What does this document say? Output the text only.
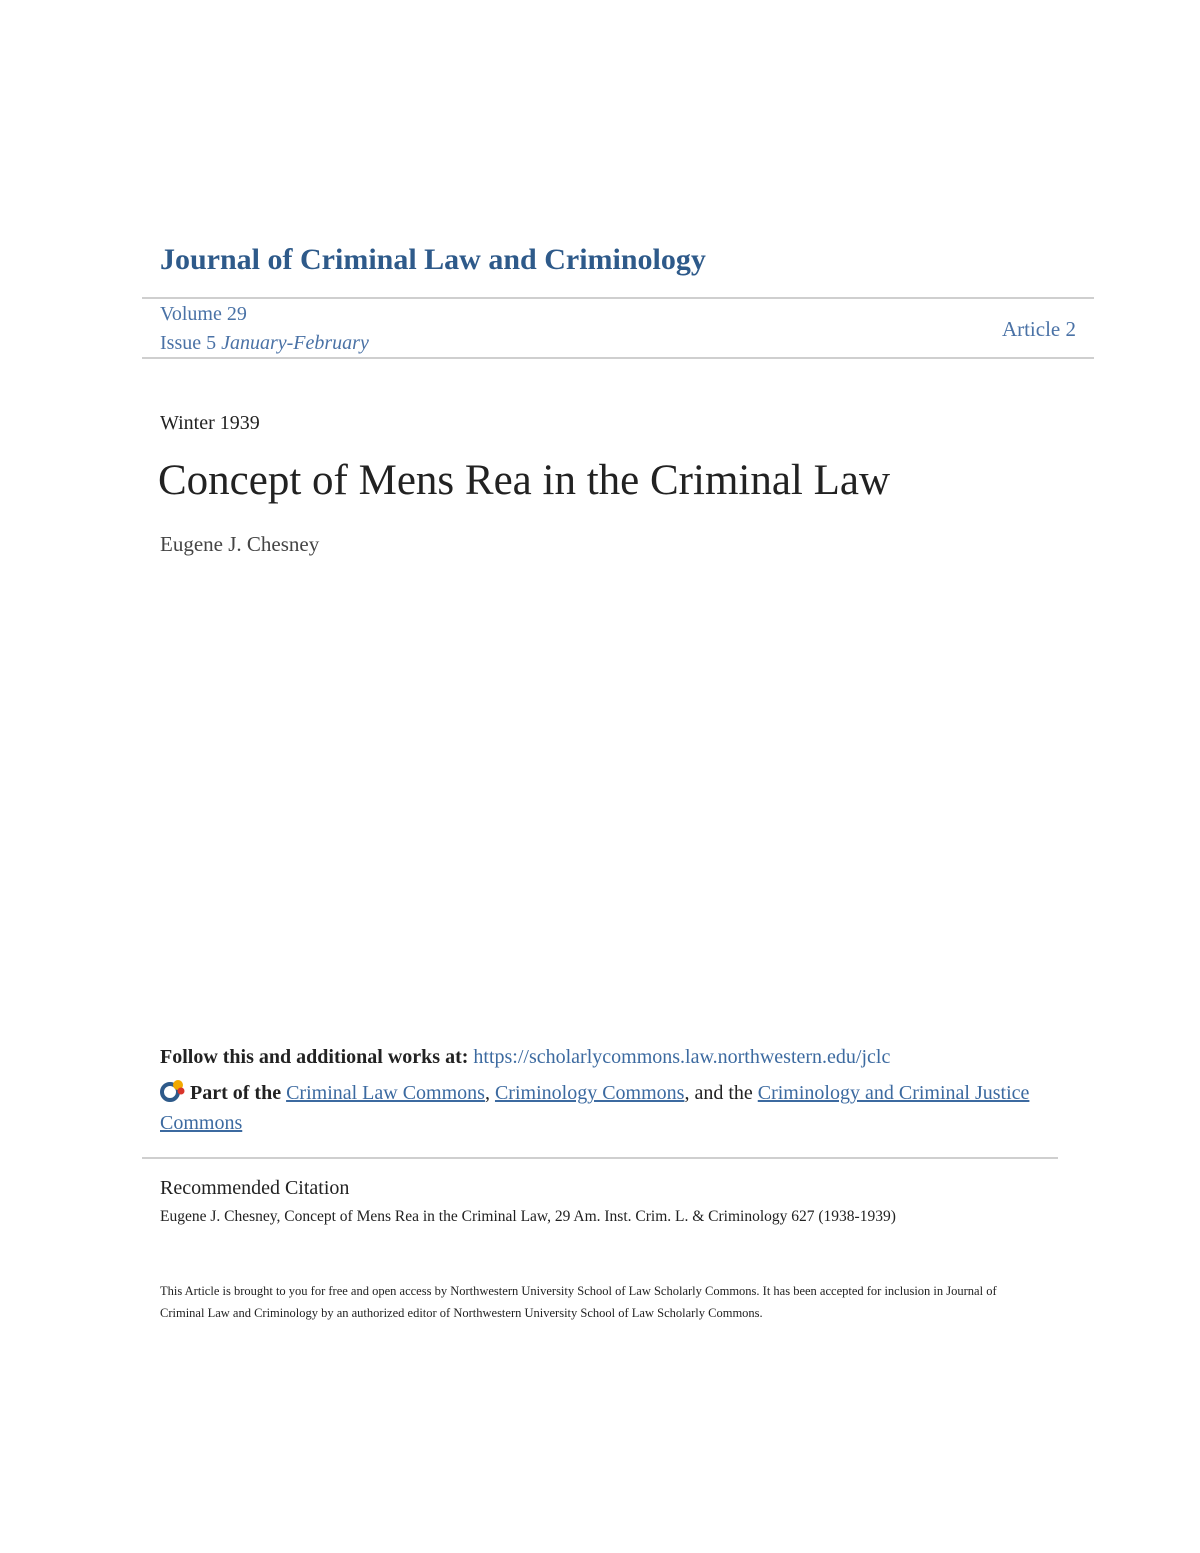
Journal of Criminal Law and Criminology
Volume 29
Issue 5 January-February
Article 2
Winter 1939
Concept of Mens Rea in the Criminal Law
Eugene J. Chesney
Follow this and additional works at: https://scholarlycommons.law.northwestern.edu/jclc
Part of the Criminal Law Commons, Criminology Commons, and the Criminology and Criminal Justice Commons
Recommended Citation
Eugene J. Chesney, Concept of Mens Rea in the Criminal Law, 29 Am. Inst. Crim. L. & Criminology 627 (1938-1939)
This Article is brought to you for free and open access by Northwestern University School of Law Scholarly Commons. It has been accepted for inclusion in Journal of Criminal Law and Criminology by an authorized editor of Northwestern University School of Law Scholarly Commons.
